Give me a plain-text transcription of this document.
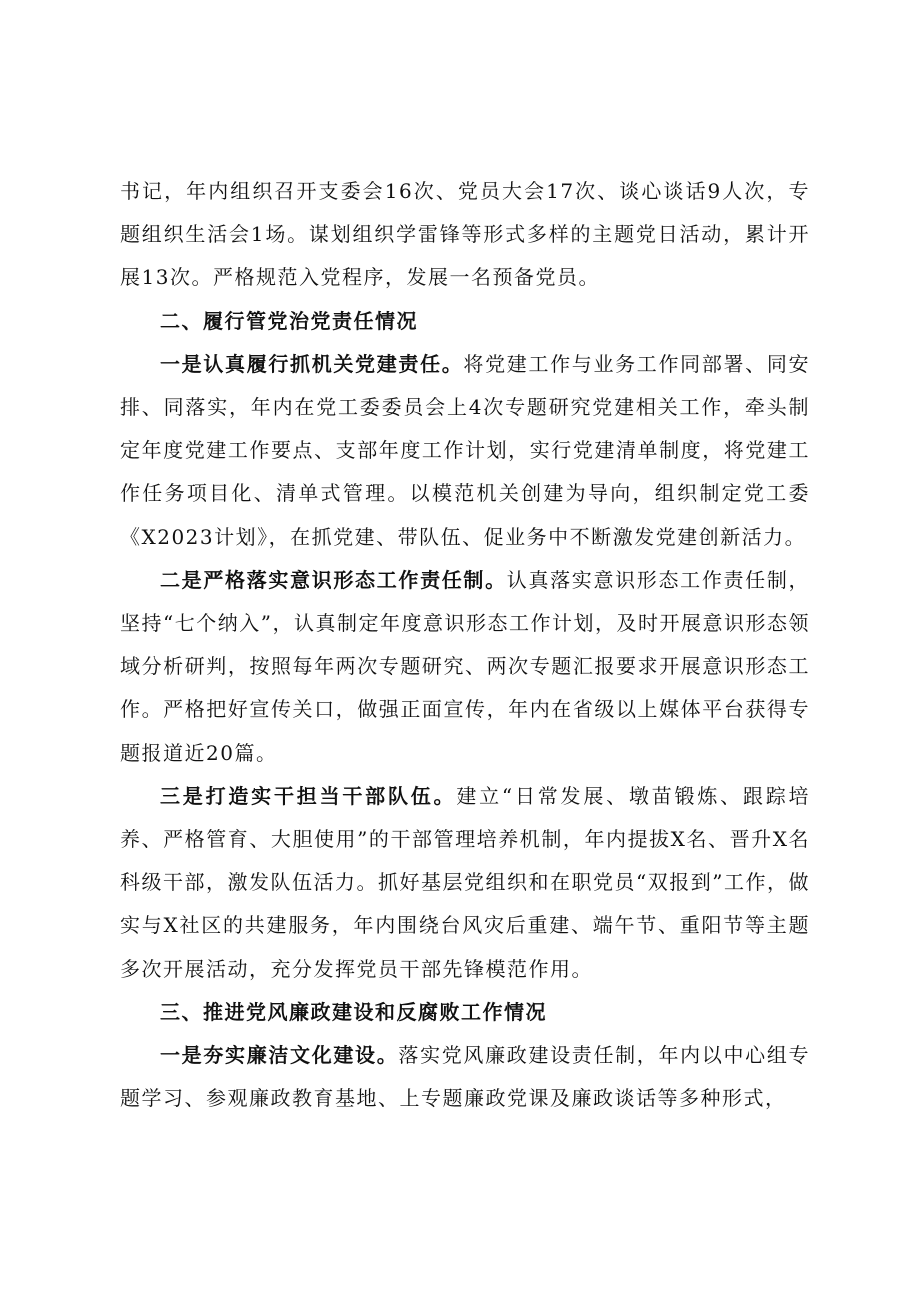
书记，年内组织召开支委会16次、党员大会17次、谈心谈话9人次，专题组织生活会1场。谋划组织学雷锋等形式多样的主题党日活动，累计开展13次。严格规范入党程序，发展一名预备党员。

二、履行管党治党责任情况

一是认真履行抓机关党建责任。将党建工作与业务工作同部署、同安排、同落实，年内在党工委委员会上4次专题研究党建相关工作，牵头制定年度党建工作要点、支部年度工作计划，实行党建清单制度，将党建工作任务项目化、清单式管理。以模范机关创建为导向，组织制定党工委《X2023计划》，在抓党建、带队伍、促业务中不断激发党建创新活力。

二是严格落实意识形态工作责任制。认真落实意识形态工作责任制，坚持“七个纳入”，认真制定年度意识形态工作计划，及时开展意识形态领域分析研判，按照每年两次专题研究、两次专题汇报要求开展意识形态工作。严格把好宣传关口，做强正面宣传，年内在省级以上媒体平台获得专题报道近20篇。

三是打造实干担当干部队伍。建立“日常发展、墩苗锻炼、跟踪培养、严格管育、大胆使用”的干部管理培养机制，年内提拔X名、晋升X名科级干部，激发队伍活力。抓好基层党组织和在职党员“双报到”工作，做实与X社区的共建服务，年内围绕台风灾后重建、端午节、重阳节等主题多次开展活动，充分发挥党员干部先锋模范作用。

三、推进党风廉政建设和反腐败工作情况

一是夯实廉洁文化建设。落实党风廉政建设责任制，年内以中心组专题学习、参观廉政教育基地、上专题廉政党课及廉政谈话等多种形式，
